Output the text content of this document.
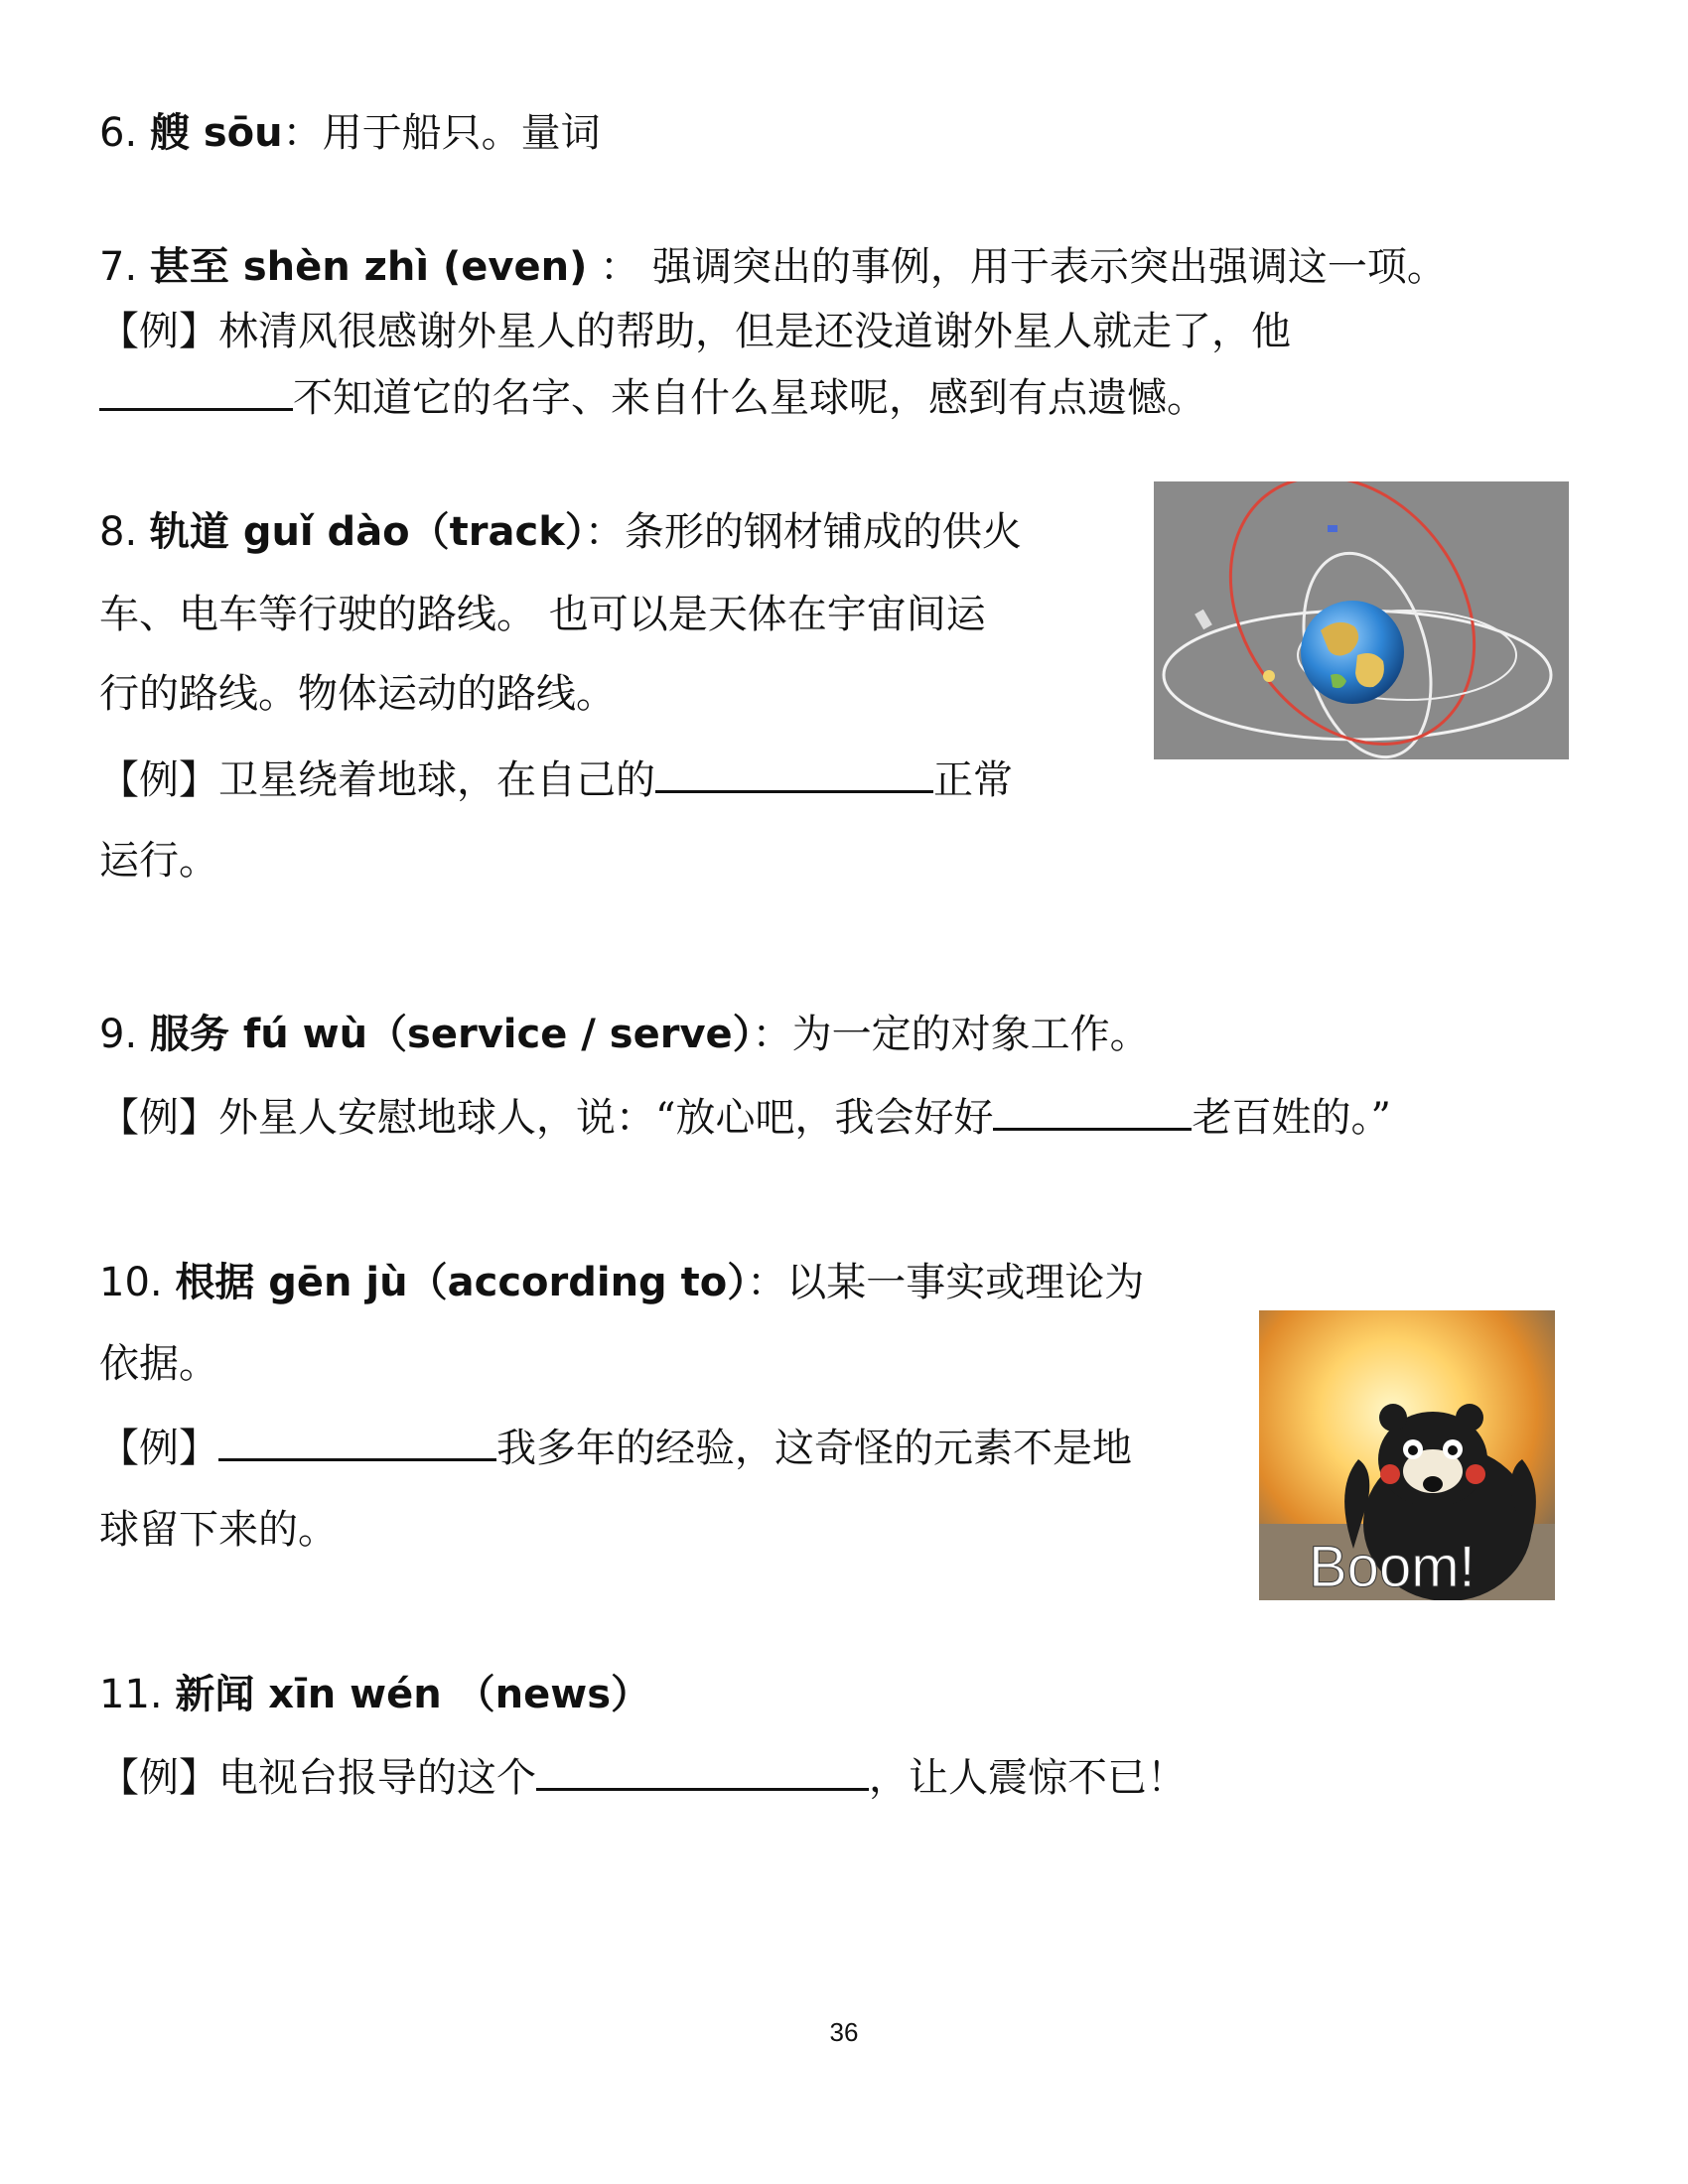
6. 艘 sōu：用于船只。量词
7. 甚至 shèn zhì (even) ： 强调突出的事例，用于表示突出强调这一项。
【例】林清风很感谢外星人的帮助，但是还没道谢外星人就走了，他
不知道它的名字、来自什么星球呢，感到有点遗憾。
8. 轨道 guǐ dào（track）：条形的钢材铺成的供火
车、电车等行驶的路线。 也可以是天体在宇宙间运
行的路线。物体运动的路线。
【例】卫星绕着地球，在自己的	正常
运行。
9. 服务 fú wù（service / serve）：为一定的对象工作。
【例】外星人安慰地球人，说：“放心吧，我会好好	老百姓的。”
10. 根据 gēn jù（according to）：以某一事实或理论为
依据。
【例】	我多年的经验，这奇怪的元素不是地
球留下来的。
Boom!
11. 新闻 xīn wén （news）
【例】电视台报导的这个	，让人震惊不已！
36
